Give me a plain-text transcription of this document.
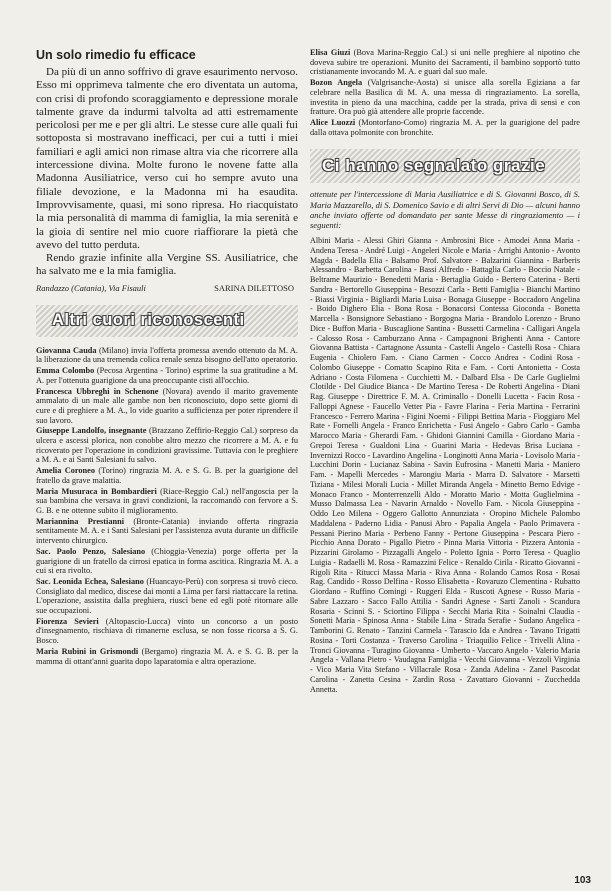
Un solo rimedio fu efficace

Da più di un anno soffrivo di grave esaurimento nervoso. Esso mi opprimeva talmente che ero diventata un automa, con crisi di profondo scoraggiamento e depressione morale talmente grave da indurmi talvolta ad atti estremamente pericolosi per me e per gli altri. Le stesse cure alle quali fui sottoposta si mostravano inefficaci, per cui a tutti i miei familiari e agli amici non rimase altra via che ricorrere alla intercessione divina. Molte furono le novene fatte alla Madonna Ausiliatrice, verso cui ho sempre avuto una filiale devozione, e la Madonna mi ha esaudita. Improvvisamente, quasi, mi sono ripresa. Ho riacquistato la mia personalità di mamma di famiglia, la mia serenità e la gioia di sentire nel mio cuore riaffiorare la pietà che avevo del tutto perduta.

Rendo grazie infinite alla Vergine SS. Ausiliatrice, che ha salvato me e la mia famiglia.

Randazzo (Catania), Via Fisauli	SARINA DILETTOSO
Altri cuori riconoscenti

Giovanna Cauda (Milano) invia l'offerta promessa avendo ottenuto da M. A. la liberazione da una tremenda colica renale senza bisogno dell'atto operatorio.

Emma Colombo (Pecosa Argentina - Torino) esprime la sua gratitudine a M. A. per l'ottenuta guarigione da una preoccupante cisti all'occhio.

Francesca Ubbreghi in Schenone (Novara) avendo il marito gravemente ammalato di un male alle gambe non ben riconosciuto, dopo sette giorni di cure e di preghiere a M. A., lo vide guarito a sufficienza per poter riprendere il suo lavoro.

Giuseppe Landolfo, insegnante (Brazzano Zeffirio-Reggio Cal.) sorpreso da ulcera e ascessi plorica, non conobbe altro mezzo che ricorrere a M. A. e fu ricoverato per l'operazione in condizioni gravissime. Tuttavia con le preghiere a M. A. e ai Santi Salesiani fu salvo.

Amelia Coroneo (Torino) ringrazia M. A. e S. G. B. per la guarigione del fratello da grave malattia.

Maria Musuraca in Bombardieri (Riace-Reggio Cal.) nell'angoscia per la sua bambina che versava in gravi condizioni, la raccomandò con fervore a S. G. B. e ne ottenne subito il miglioramento.

Mariannina Prestianni (Bronte-Catania) inviando offerta ringrazia sentitamente M. A. e i Santi Salesiani per l'assistenza avuta durante un difficile intervento chirurgico.

Sac. Paolo Penzo, Salesiano (Chioggia-Venezia) porge offerta per la guarigione di un fratello da cirrosi epatica in forma ascitica. Ringrazia M. A. a cui si era rivolto.

Sac. Leonida Echea, Salesiano (Huancayo-Perù) con sorpresa si trovò cieco. Consigliato dal medico, discese dai monti a Lima per farsi riattaccare la retina. L'operazione, assistita dalla preghiera, riuscì bene ed egli potè ritornare alle sue occupazioni.

Fiorenza Sevieri (Altopascio-Lucca) vinto un concorso a un posto d'insegnamento, rischiava di rimanerne esclusa, se non fosse ricorsa a S. G. Bosco.

Maria Rubini in Grismondi (Bergamo) ringrazia M. A. e S. G. B. per la mamma di ottant'anni guarita dopo laparatomia e altra operazione.

Elisa Giuzi (Bova Marina-Reggio Cal.) si uni nelle preghiere al nipotino che doveva subire tre operazioni. Munito dei Sacramenti, il bambino sopportò tutto cristianamente invocando M. A. e guarì dal suo male.

Bozon Angela (Valgrisanche-Aosta) si unisce alla sorella Egiziana a far celebrare nella Basilica di M. A. una messa di ringraziamento. La sorella, investita in pieno da una macchina, cadde per la strada, priva di sensi e con fratture. Ora può già attendere alle proprie faccende.

Alice Luozzi (Montorfano-Como) ringrazia M. A. per la guarigione del padre dalla ottava polmonite con bronchite.

Ci hanno segnalato grazie

ottenute per l'intercessione di Maria Ausiliatrice e di S. Giovanni Bosco, di S. Maria Mazzarello, di S. Domenico Savio e di altri Servi di Dio — alcuni hanno anche inviato offerte od domandato per sante Messe di ringraziamento — i seguenti:

Albini Maria - Alessi Ghiri Gianna - Ambrosini Bice - Amodei Anna Maria - Andena Teresa - André Luigi - Angeleri Nicole e Maria - Arrighi Antonio - Avonto Magda - Badella Elia - Balsamo Prof. Salvatore - Balzarini Giannina - Barberis Alessandro - Barbetta Carolina - Bassi Alfredo - Battaglia Carlo - Boccio Natale - Beltrame Maurizio - Benedetti Maria - Bertaglia Guido - Bertero Caterina - Berti Sandra - Bertorello Giuseppina - Besozzi Carla - Betti Famiglia - Bianchi Martino - Biassi Virginia - Bigliardi Maria Luisa - Bonaga Giuseppe - Boccadoro Angelina - Boido Dighero Elia - Bona Rosa - Bonacorsi Contessa Gioconda - Bonetta Marcella - Bonsignore Sebastiano - Borgogna Maria - Brandolo Lorenzo - Bruno Dice - Buffon Maria - Buscaglione Santina - Bussetti Carmelina - Calligari Angela - Calosso Rosa - Camburzano Anna - Campagnoni Brighenti Anna - Cantore Giovanna Battista - Cartagnone Assunta - Castelli Angelo - Castelli Rosa - Chiara Eugenia - Chiolero Fam. - Ciano Carmen - Cocco Andrea - Codini Rosa - Colombo Giuseppe - Comatto Scapino Rita e Fam. - Corti Antonietta - Costa Adriano - Costa Filomena - Cucchietti M. - Dalbard Elsa - De Carle Guglielmi Clotilde - Del Giudice Bianca - De Martino Teresa - De Roberti Angelina - Diani Rag. Giuseppe - Direttrice F. M. A. Criminallo - Donelli Lucetta - Facin Rosa - Falloppi Agnese - Faucello Vetter Pia - Favre Flarina - Feria Martina - Ferrarini Francesco - Ferrero Marina - Figini Noemi - Filippi Bettina Maria - Fioggiaro Mel Rate - Fornelli Angela - Franco Enrichetta - Fusi Angelo - Gabro Carlo - Gamba Marocco Maria - Gherardi Fam. - Ghidoni Giannini Camilla - Giordano Maria - Grepoi Teresa - Gualdoni Lina - Guarini Maria - Hedevas Brisa Luciana - Invernizzi Rocco - Lavardino Angelina - Longinotti Anna Maria - Lovisolo Maria - Lucchini Dorin - Lucianaz Sabina - Savin Eufrosina - Manetti Maria - Maniero Fam. - Mapelli Mercedes - Marongiu Maria - Marra D. Salvatore - Marsetti Tiziana - Milesi Morali Lucia - Millet Miranda Angela - Minetto Berno Edvige - Monaco Franco - Monterrenzelli Aldo - Moratto Mario - Motta Guglielmina - Musso Dalmassa Lea - Navarin Arnaldo - Novello Fam. - Nicola Giuseppina - Oddo Leo Milena - Oggero Gallotto Annunziata - Oropino Michele Palombo Maddalena - Paderno Lidia - Panusi Abro - Papalia Angela - Paolo Primavera - Pessani Pierino Maria - Perbeno Fanny - Pertone Giuseppina - Pescara Piero - Picchio Anna Dorato - Pigallo Pietro - Pinna Maria Vittoria - Pizzera Antonia - Pizzarini Girolamo - Pizzagalli Angelo - Poletto Ignia - Porro Teresa - Quaglio Luigia - Radaelli M. Rosa - Ramazzini Felice - Renaldo Cirila - Ricatto Giovanni - Rigoli Rita - Ritucci Massa Maria - Riva Anna - Rolando Camos Rosa - Rosai Rag. Candido - Rosso Delfina - Rosso Elisabetta - Rovaruzo Clementina - Rubatto Giordano - Ruffino Comingi - Ruggeri Elda - Ruscoti Agnese - Russo Maria - Sabre Lazzaro - Sacco Fallo Attilia - Sandri Agnese - Sarti Zanoli - Scandura Rosaria - Scinni S. - Sciortino Filippa - Secchi Maria Rita - Soinalni Claudia - Sonetti Maria - Spinosa Anna - Stabile Lina - Strada Serafie - Sudano Angelica - Tamborini G. Renato - Tanzini Carmela - Tarascio Ida e Andrea - Tavano Trigatti Rosina - Torti Costanza - Traverso Carolina - Triaquilio Felice - Trivelli Alina - Tronci Giovanna - Turagino Giovanna - Umberto - Vaccaro Angelo - Valerio Maria Angela - Vallana Pietro - Vaudagna Famiglia - Vecchi Giovanna - Vezzoli Virginia - Vico Maria Vita Stefano - Villacrale Rosa - Zanda Adelina - Zanel Pascodat Carolina - Zanetta Cesina - Zardin Rosa - Zavattaro Giovanni - Zucchedda Annetta.

103
